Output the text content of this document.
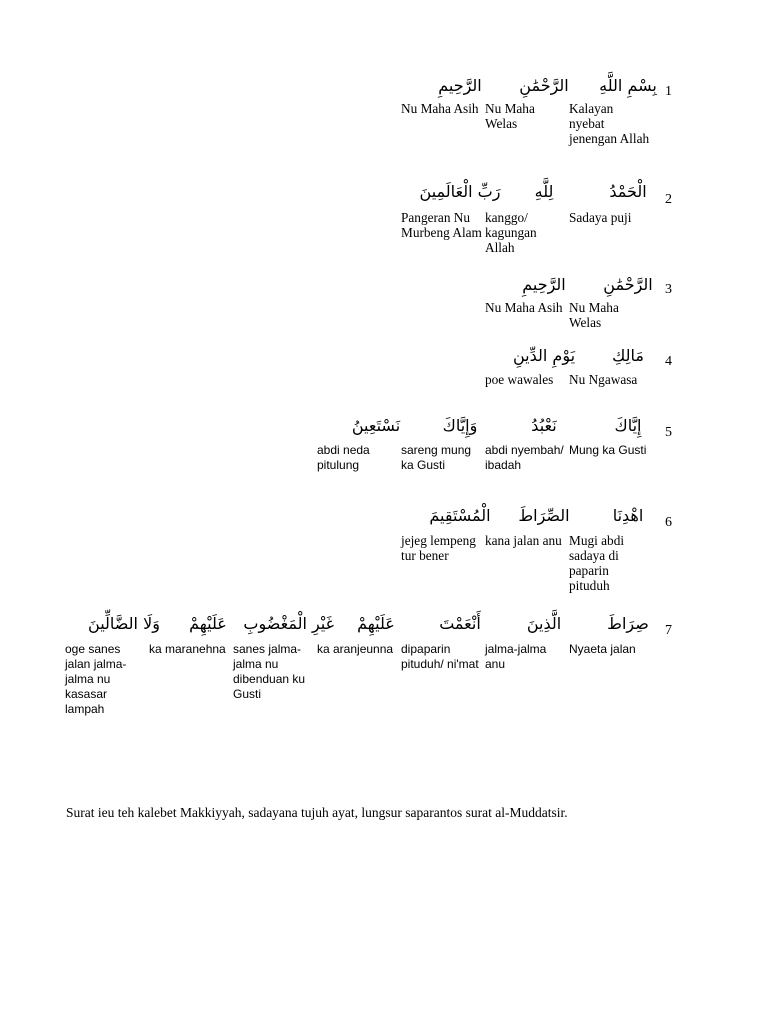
1
بِسْمِ اللَّهِ
الرَّحْمَٰنِ
الرَّحِيمِ
Kalayan nyebat jenengan Allah
Nu Maha Welas
Nu Maha Asih
2
الْحَمْدُ
لِلَّهِ
رَبِّ الْعَالَمِينَ
Sadaya puji
kanggo/ kagungan Allah
Pangeran Nu Murbeng Alam
3
الرَّحْمَٰنِ
الرَّحِيمِ
Nu Maha Welas
Nu Maha Asih
4
مَالِكِ
يَوْمِ الدِّينِ
Nu Ngawasa
poe wawales
5
إِيَّاكَ
نَعْبُدُ
وَإِيَّاكَ
نَسْتَعِينُ
Mung ka Gusti
abdi nyembah/ ibadah
sareng mung ka Gusti
abdi neda pitulung
6
اهْدِنَا
الصِّرَاطَ
الْمُسْتَقِيمَ
Mugi abdi sadaya di paparin pituduh
kana jalan anu
jejeg lempeng tur bener
7
صِرَاطَ
الَّذِينَ
أَنْعَمْتَ
عَلَيْهِمْ
غَيْرِ الْمَغْضُوبِ
عَلَيْهِمْ
وَلَا الضَّالِّينَ
Nyaeta jalan
jalma-jalma anu
dipaparin pituduh/ ni'mat
ka aranjeunna
sanes jalma-jalma nu dibenduan ku Gusti
ka maranehna
oge sanes jalan jalma-jalma nu kasasar lampah

Surat ieu teh kalebet Makkiyyah, sadayana tujuh ayat, lungsur saparantos surat al-Muddatsir.
